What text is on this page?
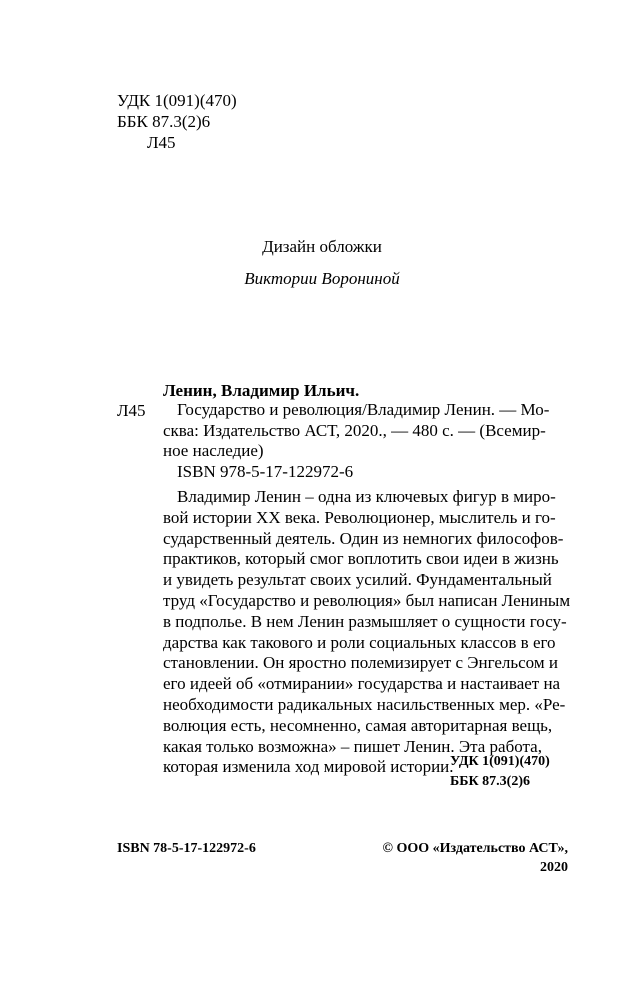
УДК 1(091)(470)
ББК 87.3(2)6
Л45
Дизайн обложки
Виктории Ворониной
Ленин, Владимир Ильич.
Л45	Государство и революция/Владимир Ленин. — Мо-
сква: Издательство АСТ, 2020., — 480 с. — (Всемир-
ное наследие)
ISBN 978-5-17-122972-6
Владимир Ленин – одна из ключевых фигур в миро-
вой истории XX века. Революционер, мыслитель и го-
сударственный деятель. Один из немногих философов-
практиков, который смог воплотить свои идеи в жизнь
и увидеть результат своих усилий. Фундаментальный
труд «Государство и революция» был написан Лениным
в подполье. В нем Ленин размышляет о сущности госу-
дарства как такового и роли социальных классов в его
становлении. Он яростно полемизирует с Энгельсом и
его идеей об «отмирании» государства и настаивает на
необходимости радикальных насильственных мер. «Ре-
волюция есть, несомненно, самая авторитарная вещь,
какая только возможна» – пишет Ленин. Эта работа,
которая изменила ход мировой истории.
УДК 1(091)(470)
ББК 87.3(2)6
ISBN 78-5-17-122972-6	© ООО «Издательство АСТ»,
2020
